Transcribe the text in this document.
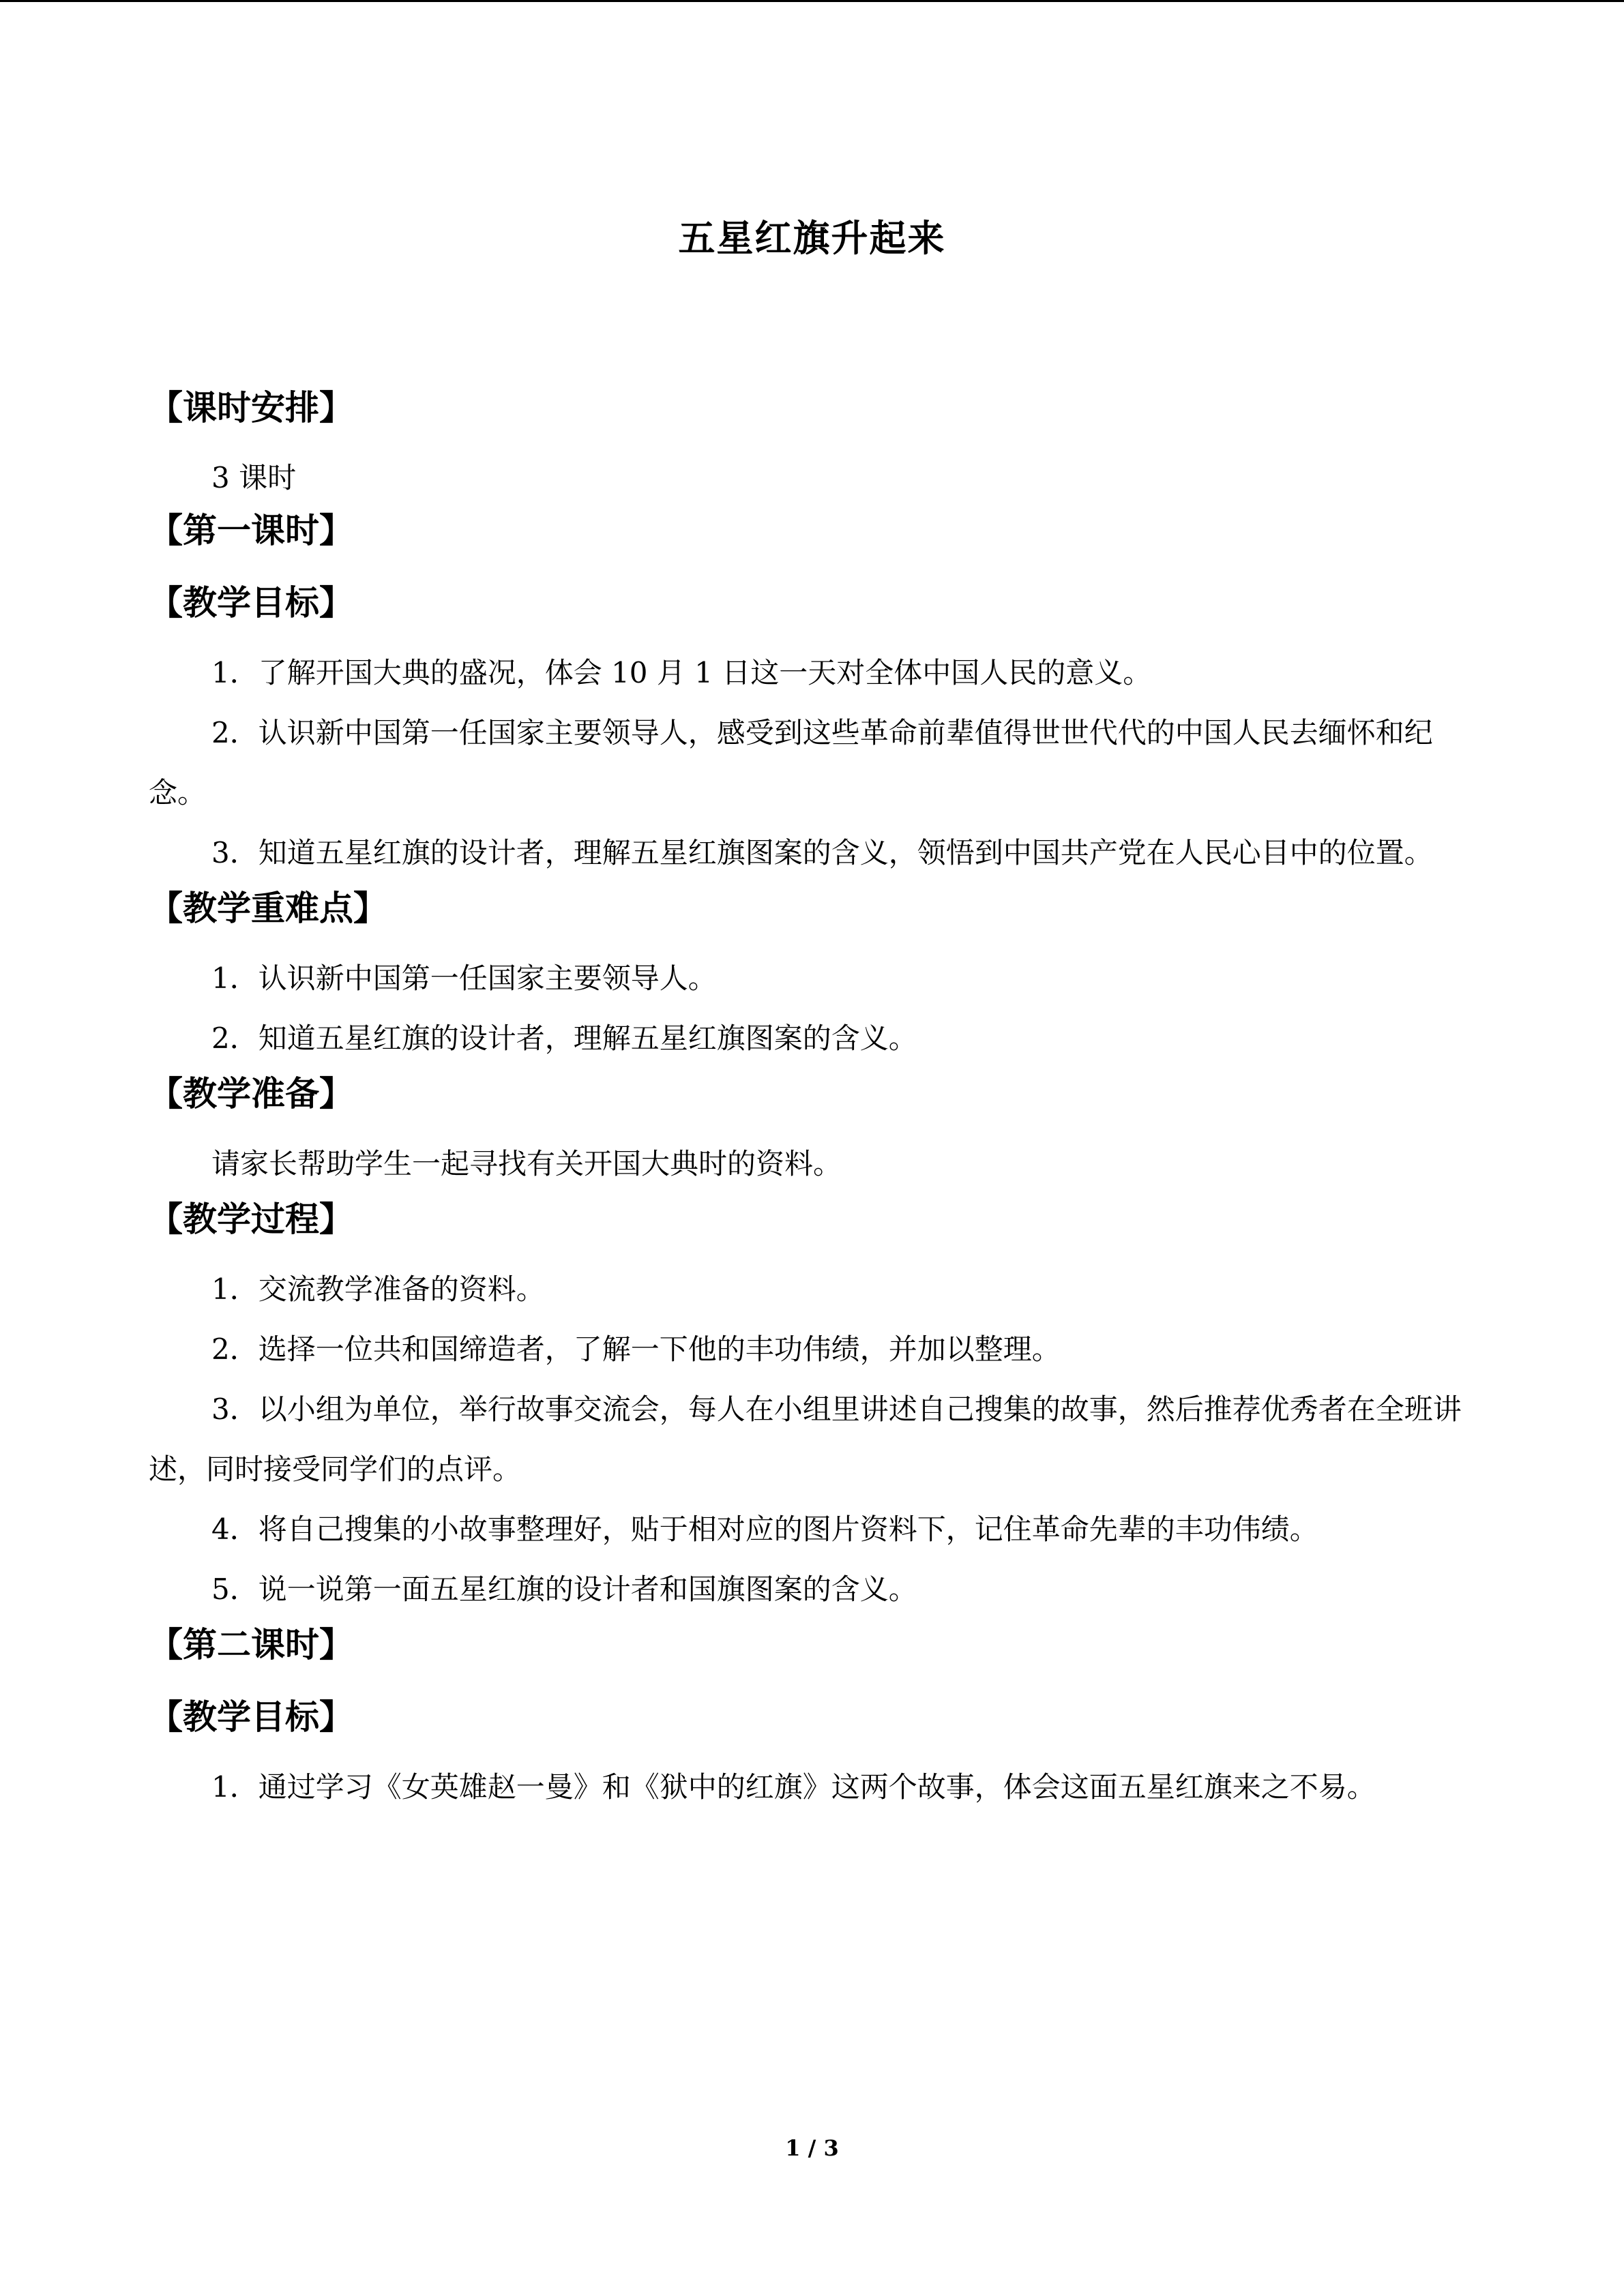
五星红旗升起来
【课时安排】

3 课时

【第一课时】
【教学目标】

1．了解开国大典的盛况，体会 10 月 1 日这一天对全体中国人民的意义。

2．认识新中国第一任国家主要领导人，感受到这些革命前辈值得世世代代的中国人民去缅怀和纪念。

3．知道五星红旗的设计者，理解五星红旗图案的含义，领悟到中国共产党在人民心目中的位置。

【教学重难点】

1．认识新中国第一任国家主要领导人。

2．知道五星红旗的设计者，理解五星红旗图案的含义。

【教学准备】

请家长帮助学生一起寻找有关开国大典时的资料。

【教学过程】

1．交流教学准备的资料。

2．选择一位共和国缔造者，了解一下他的丰功伟绩，并加以整理。

3．以小组为单位，举行故事交流会，每人在小组里讲述自己搜集的故事，然后推荐优秀者在全班讲述，同时接受同学们的点评。

4．将自己搜集的小故事整理好，贴于相对应的图片资料下，记住革命先辈的丰功伟绩。

5．说一说第一面五星红旗的设计者和国旗图案的含义。

【第二课时】
【教学目标】

1．通过学习《女英雄赵一曼》和《狱中的红旗》这两个故事，体会这面五星红旗来之不易。

1 / 3
